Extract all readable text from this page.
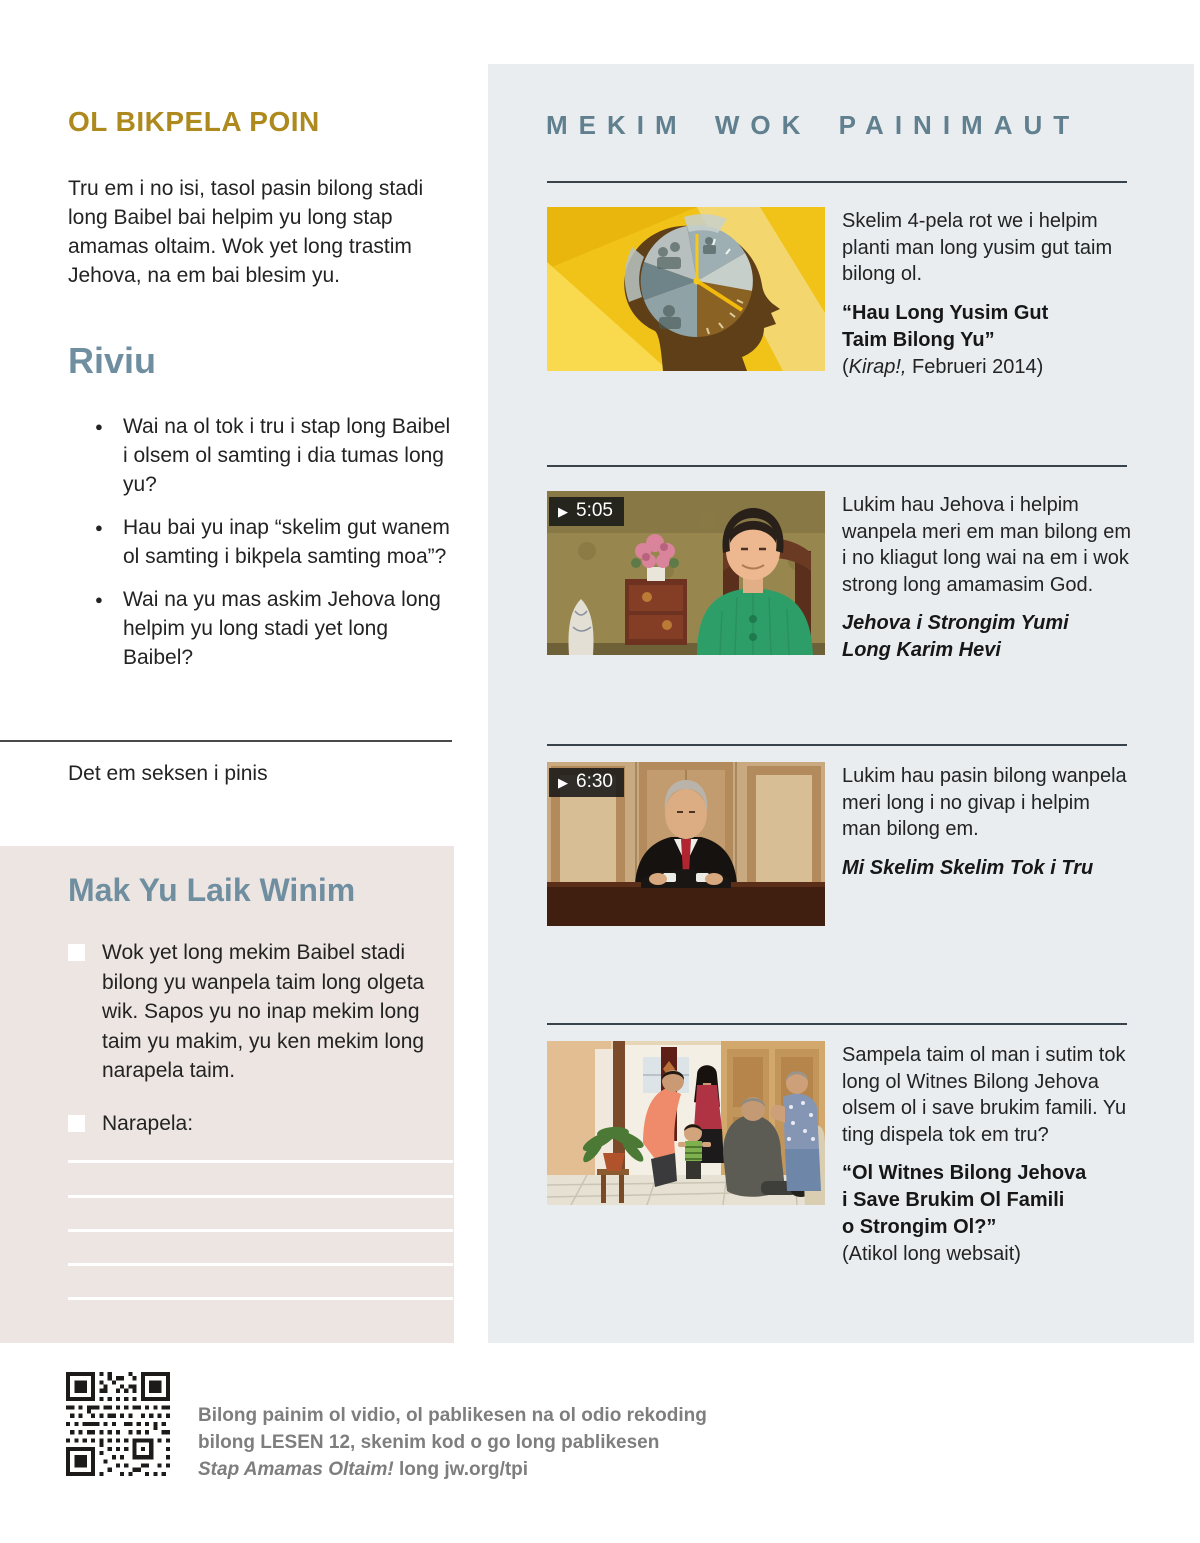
OL BIKPELA POIN

Tru em i no isi, tasol pasin bilong stadi long Baibel bai helpim yu long stap amamas oltaim. Wok yet long trastim Jehova, na em bai blesim yu.

Riviu
● Wai na ol tok i tru i stap long Baibel i olsem ol samting i dia tumas long yu?
● Hau bai yu inap “skelim gut wanem ol samting i bikpela samting moa”?
● Wai na yu mas askim Jehova long helpim yu long stadi yet long Baibel?

Det em seksen i pinis

Mak Yu Laik Winim
Wok yet long mekim Baibel stadi bilong yu wanpela taim long olgeta wik. Sapos yu no inap mekim long taim yu makim, yu ken mekim long narapela taim.
Narapela:
Bilong painim ol vidio, ol pablikesen na ol odio rekoding
bilong LESEN 12, skenim kod o go long pablikesen
Stap Amamas Oltaim! long jw.org/tpi
MEKIM WOK PAINIMAUT

Skelim 4-pela rot we i helpim planti man long yusim gut taim bilong ol.

“Hau Long Yusim Gut
Taim Bilong Yu”

(Kirap!, Februeri 2014)

▶ 5:05	Lukim hau Jehova i helpim wanpela meri em man bilong em i no kliagut long wai na em i wok strong long amamasim God.

Jehova i Strongim Yumi
Long Karim Hevi

▶ 6:30	Lukim hau pasin bilong wanpela meri long i no givap i helpim man bilong em.

Mi Skelim Skelim Tok i Tru

Sampela taim ol man i sutim tok long ol Witnes Bilong Jehova olsem ol i save brukim famili. Yu ting dispela tok em tru?

“Ol Witnes Bilong Jehova
i Save Brukim Ol Famili
o Strongim Ol?”

(Atikol long websait)
